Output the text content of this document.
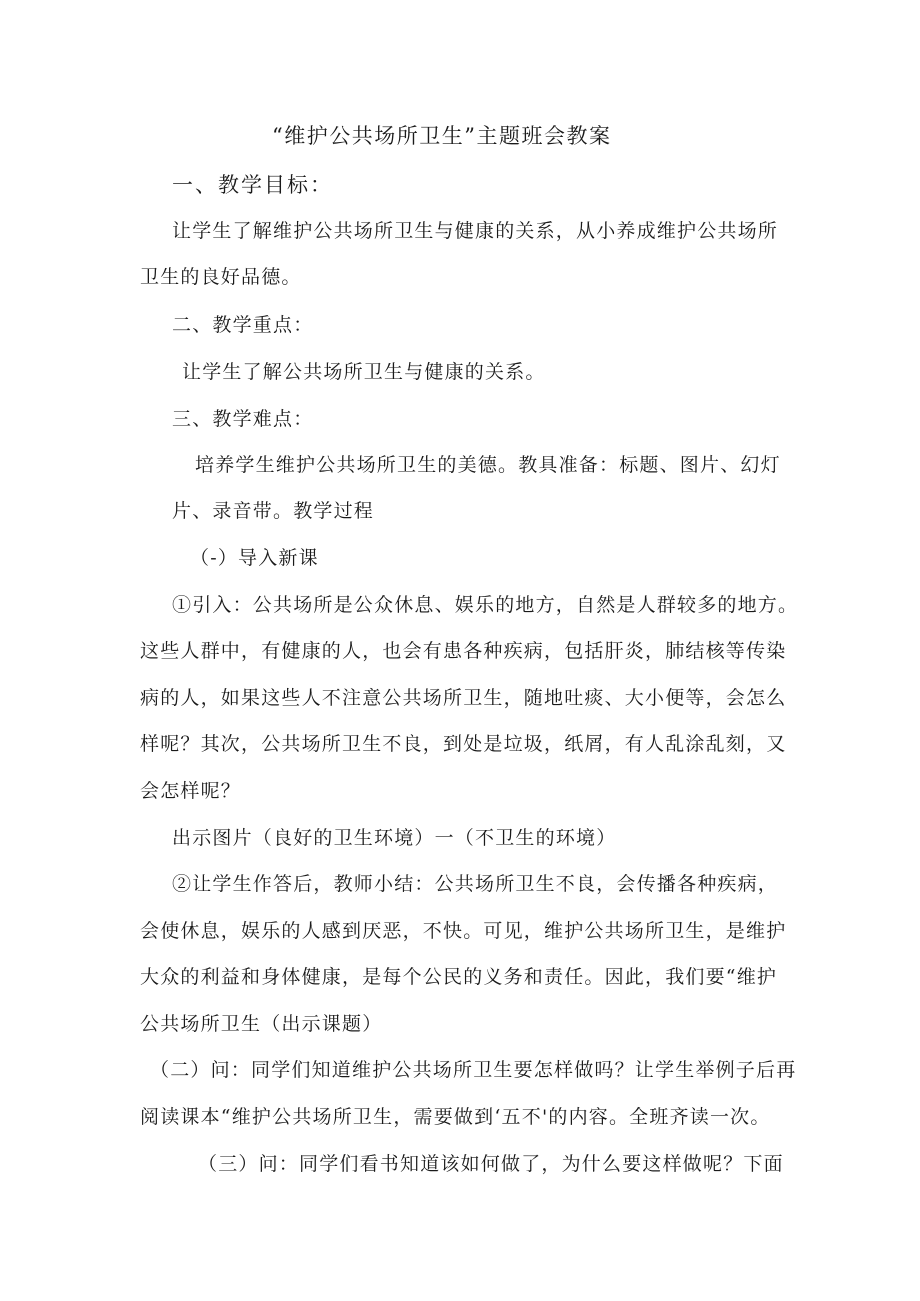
“维护公共场所卫生”主题班会教案
一、教学目标：
让学生了解维护公共场所卫生与健康的关系，从小养成维护公共场所
卫生的良好品德。
二、教学重点：
让学生了解公共场所卫生与健康的关系。
三、教学难点：
培养学生维护公共场所卫生的美德。教具准备：标题、图片、幻灯
片、录音带。教学过程
（-）导入新课
①引入：公共场所是公众休息、娱乐的地方，自然是人群较多的地方。
这些人群中，有健康的人，也会有患各种疾病，包括肝炎，肺结核等传染
病的人，如果这些人不注意公共场所卫生，随地吐痰、大小便等，会怎么
样呢？其次，公共场所卫生不良，到处是垃圾，纸屑，有人乱涂乱刻，又
会怎样呢？
出示图片（良好的卫生环境）一（不卫生的环境）
②让学生作答后，教师小结：公共场所卫生不良，会传播各种疾病，
会使休息，娱乐的人感到厌恶，不快。可见，维护公共场所卫生，是维护
大众的利益和身体健康，是每个公民的义务和责任。因此，我们要“维护
公共场所卫生（出示课题）
（二）问：同学们知道维护公共场所卫生要怎样做吗？让学生举例子后再
阅读课本“维护公共场所卫生，需要做到‘五不'的内容。全班齐读一次。
（三）问：同学们看书知道该如何做了，为什么要这样做呢？下面
